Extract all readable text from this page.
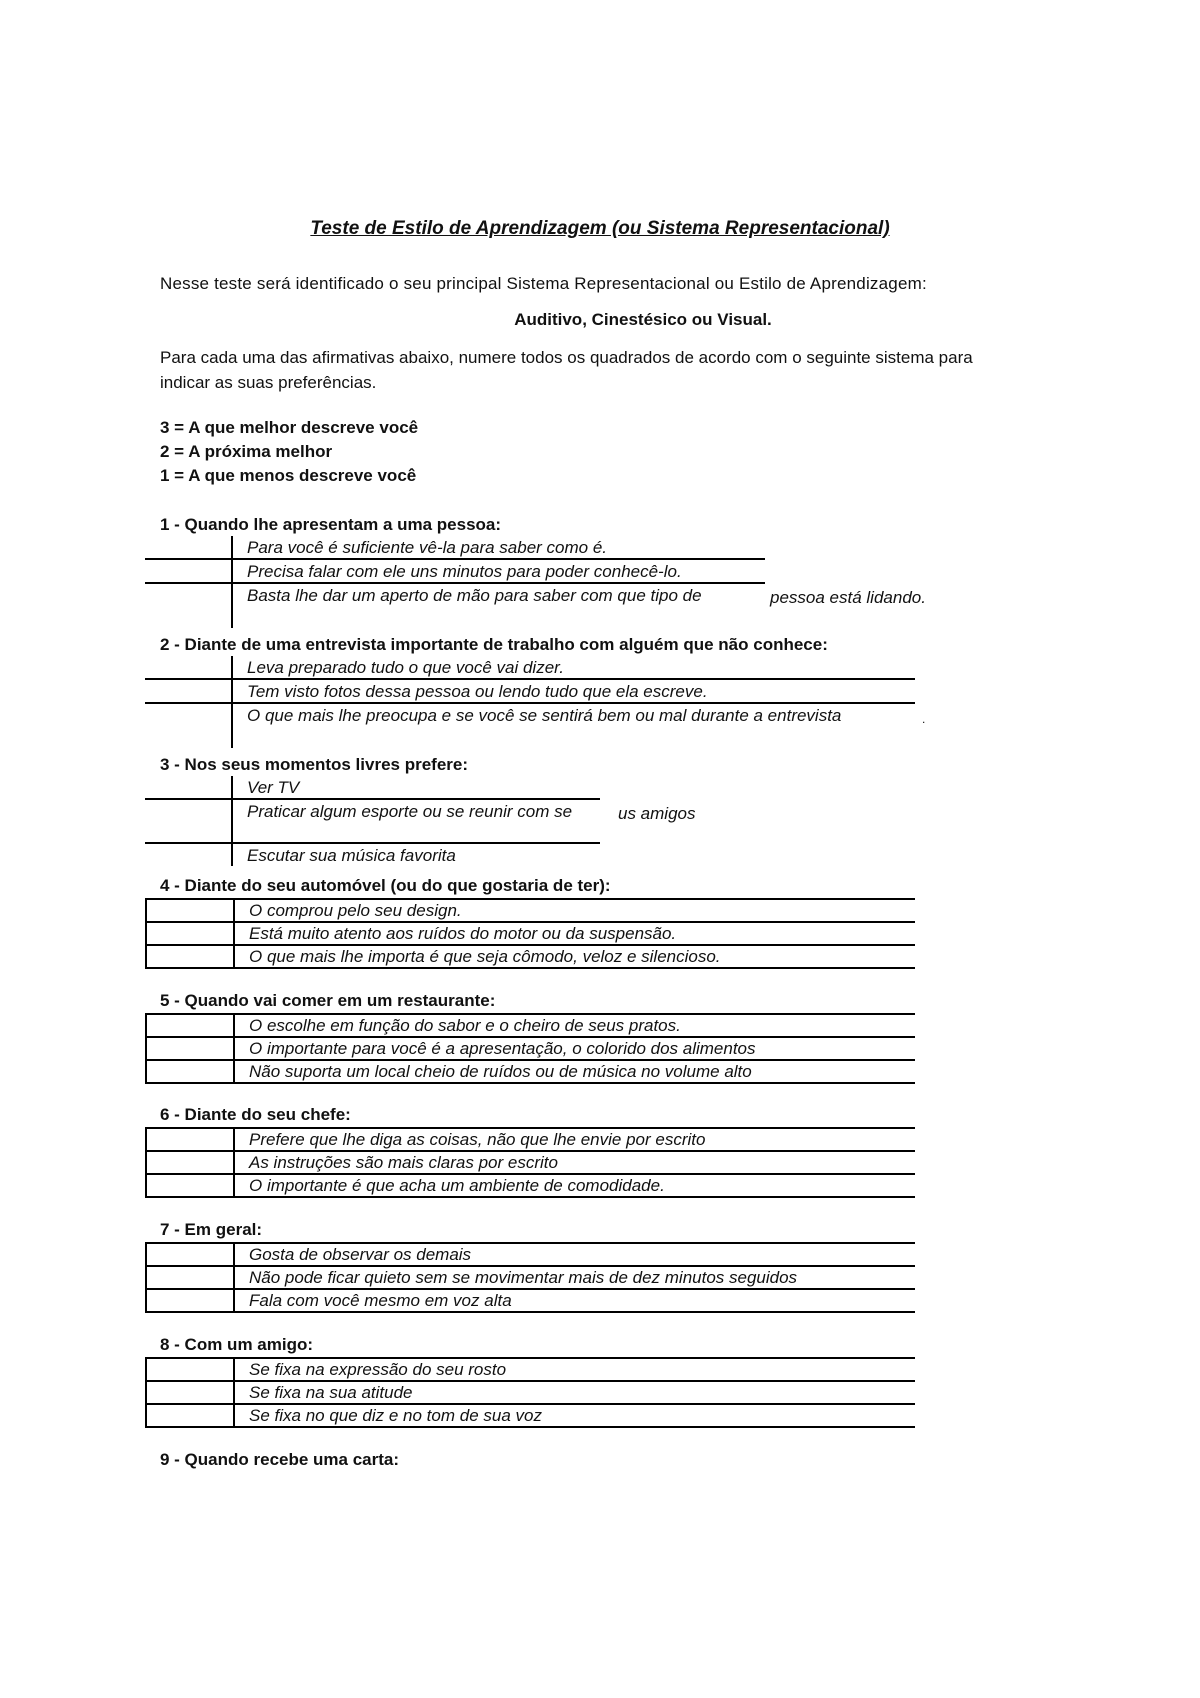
Teste de Estilo de Aprendizagem (ou Sistema Representacional)
Nesse teste será identificado o seu principal Sistema Representacional ou Estilo de Aprendizagem:
Auditivo, Cinestésico ou Visual.
Para cada uma das afirmativas abaixo, numere todos os quadrados de acordo com o seguinte sistema para indicar as suas preferências.
3 = A que melhor descreve você
2 = A próxima melhor
1 = A que menos descreve você
1 - Quando lhe apresentam a uma pessoa:
Para você é suficiente vê-la para saber como é.
Precisa falar com ele uns minutos para poder conhecê-lo.
Basta lhe dar um aperto de mão para saber com que tipo de	pessoa está lidando.
2 - Diante de uma entrevista importante de trabalho com alguém que não conhece:
Leva preparado tudo o que você vai dizer.
Tem visto fotos dessa pessoa ou lendo tudo que ela escreve.
O que mais lhe preocupa e se você se sentirá bem ou mal durante a entrevista	.
3 - Nos seus momentos livres prefere:
Ver TV
Praticar algum esporte ou se reunir com se
Escutar sua música favorita
us amigos
4 - Diante do seu automóvel (ou do que gostaria de ter):
O comprou pelo seu design.
Está muito atento aos ruídos do motor ou da suspensão.
O que mais lhe importa é que seja cômodo, veloz e silencioso.
5 - Quando vai comer em um restaurante:
O escolhe em função do sabor e o cheiro de seus pratos.
O importante para você é a apresentação, o colorido dos alimentos
Não suporta um local cheio de ruídos ou de música no volume alto
6 - Diante do seu chefe:
Prefere que lhe diga as coisas, não que lhe envie por escrito
As instruções são mais claras por escrito
O importante é que acha um ambiente de comodidade.
7 - Em geral:
Gosta de observar os demais
Não pode ficar quieto sem se movimentar mais de dez minutos seguidos
Fala com você mesmo em voz alta
8 - Com um amigo:
Se fixa na expressão do seu rosto
Se fixa na sua atitude
Se fixa no que diz e no tom de sua voz
9 - Quando recebe uma carta:
